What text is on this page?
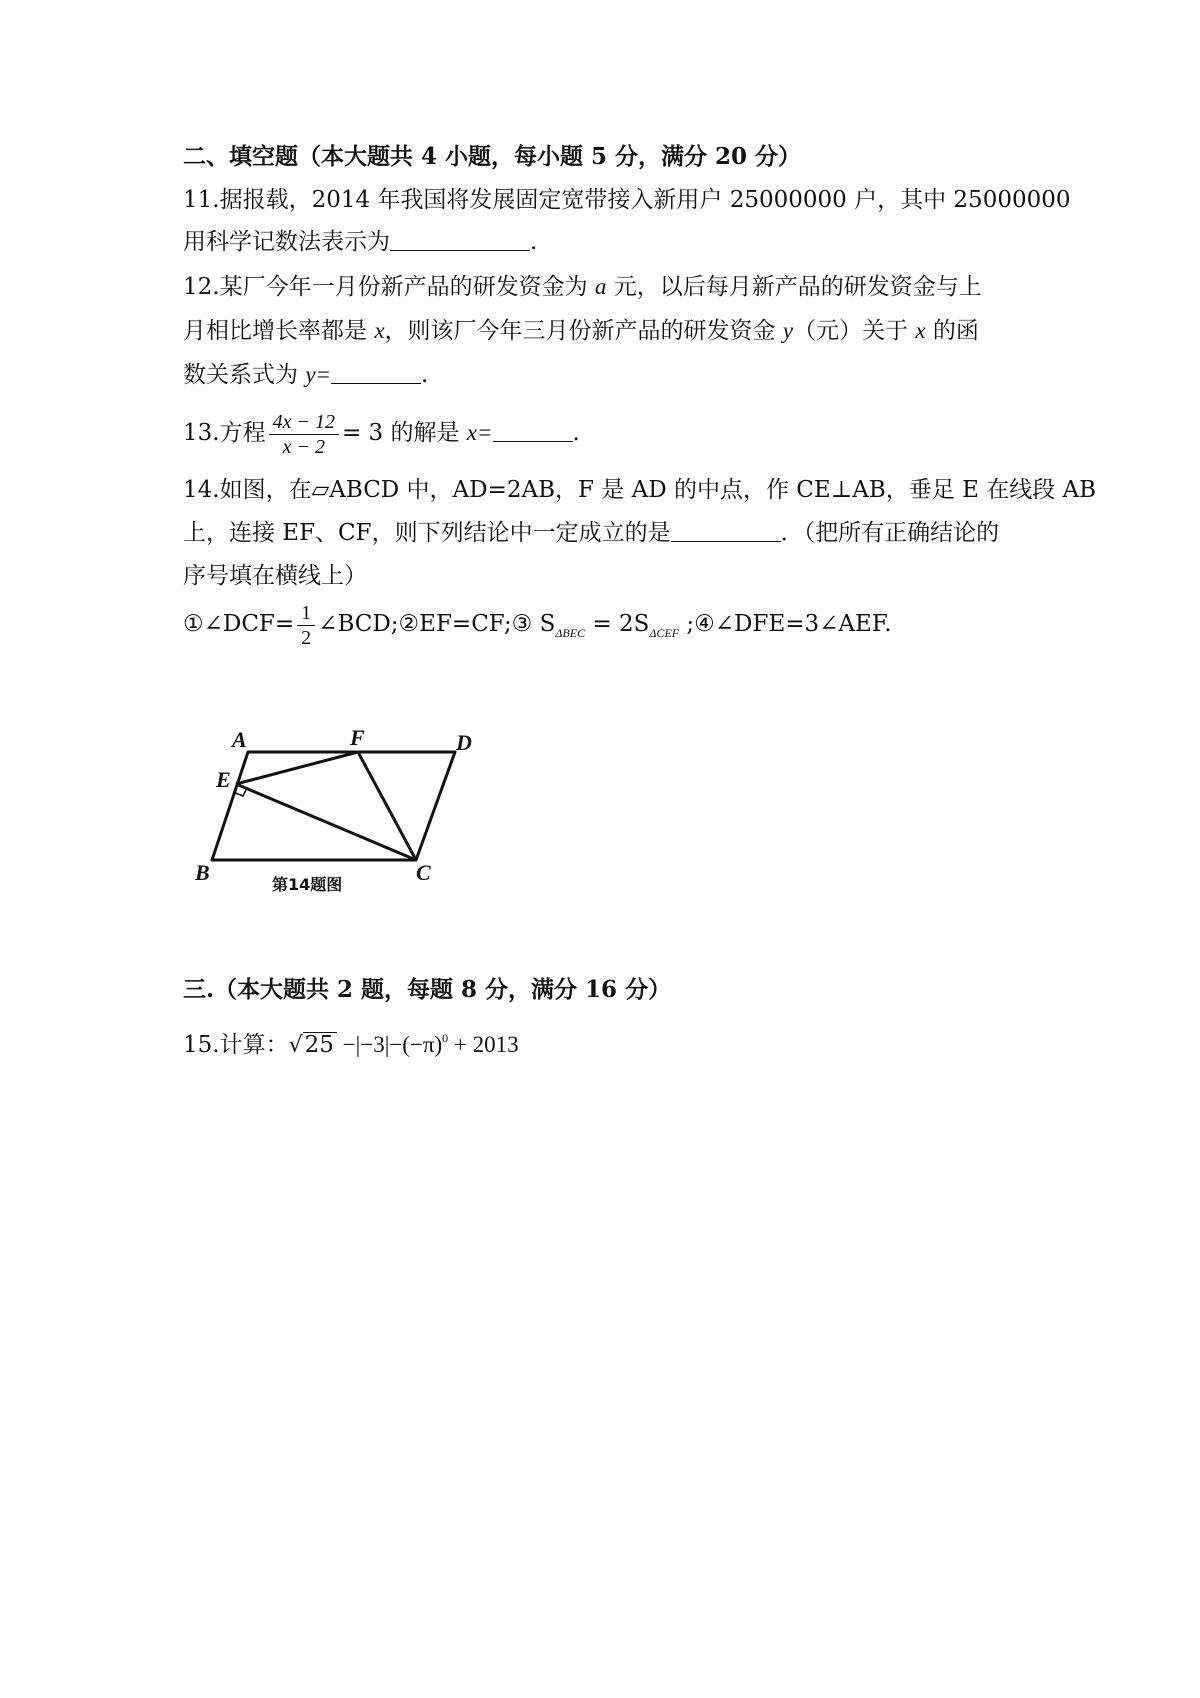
二、填空题（本大题共 4 小题，每小题 5 分，满分 20 分）
11.据报载，2014 年我国将发展固定宽带接入新用户 25000000 户，其中 25000000
用科学记数法表示为	.
12.某厂今年一月份新产品的研发资金为 a 元，以后每月新产品的研发资金与上
月相比增长率都是 x，则该厂今年三月份新产品的研发资金 y（元）关于 x 的函
数关系式为 y=	.
13.方程 $\frac{4x - 12}{x - 2} = 3$ 的解是 x=	.
14.如图，在▱ABCD 中，AD=2AB，F 是 AD 的中点，作 CE⊥AB，垂足 E 在线段 AB
上，连接 EF、CF，则下列结论中一定成立的是	．（把所有正确结论的
序号填在横线上）
①∠DCF= $\frac{1}{2}$ ∠BCD;②EF=CF;③ $S_{\Delta BEC} = 2S_{\Delta CEF}$ ;④∠DFE=3∠AEF.
A	F	D
E
B	C
第14题图
三.（本大题共 2 题，每题 8 分，满分 16 分）
15.计算：$√25 -|-3|-(-\pi)^0 + 2013$
